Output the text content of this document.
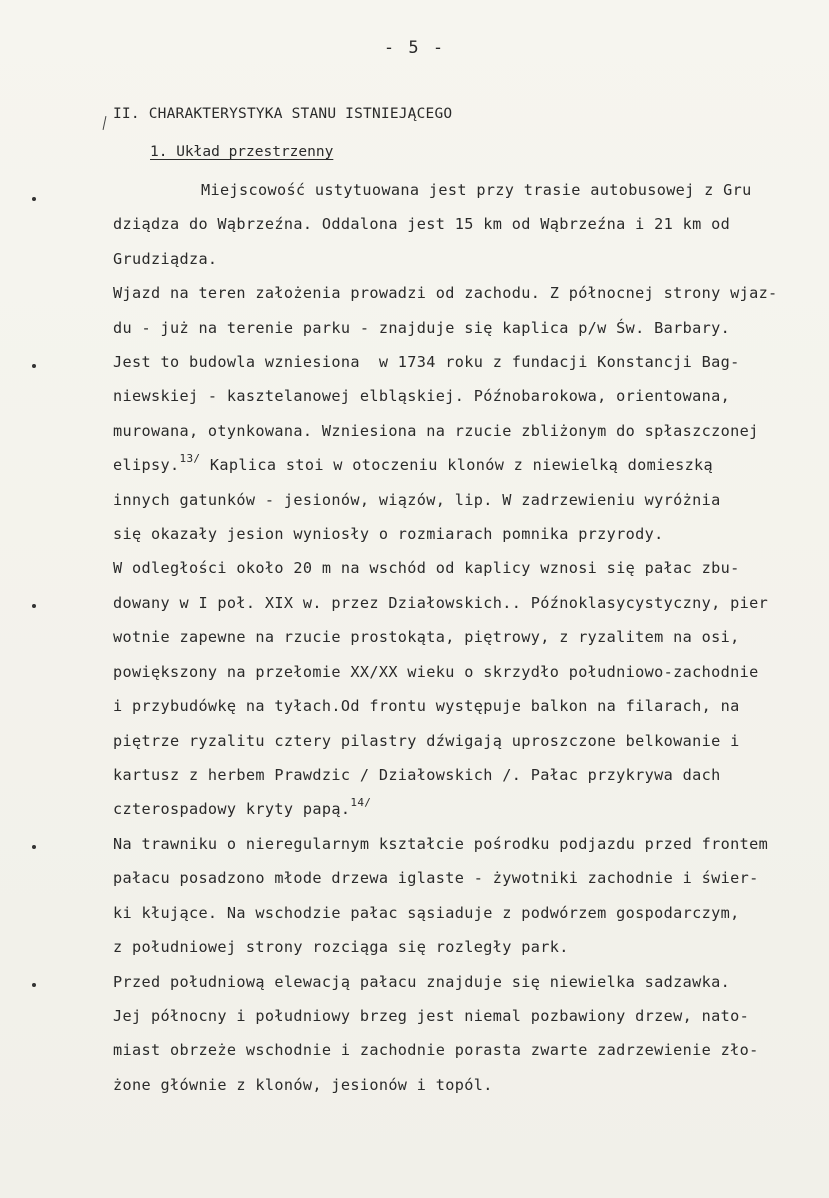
- 5 -
II. CHARAKTERYSTYKA STANU ISTNIEJĄCEGO
1. Układ przestrzenny
Miejscowość ustytuowana jest przy trasie autobusowej z Gru
dziądza do Wąbrzeźna. Oddalona jest 15 km od Wąbrzeźna i 21 km od
Grudziądza.
Wjazd na teren założenia prowadzi od zachodu. Z północnej strony wjaz-
du - już na terenie parku - znajduje się kaplica p/w Św. Barbary.
Jest to budowla wzniesiona  w 1734 roku z fundacji Konstancji Bag-
niewskiej - kasztelanowej elbląskiej. Późnobarokowa, orientowana,
murowana, otynkowana. Wzniesiona na rzucie zbliżonym do spłaszczonej
elipsy.$^{13/}$ Kaplica stoi w otoczeniu klonów z niewielką domieszką
innych gatunków - jesionów, wiązów, lip. W zadrzewieniu wyróżnia
się okazały jesion wyniosły o rozmiarach pomnika przyrody.
W odległości około 20 m na wschód od kaplicy wznosi się pałac zbu-
dowany w I poł. XIX w. przez Działowskich.. Późnoklasycystyczny, pier
wotnie zapewne na rzucie prostokąta, piętrowy, z ryzalitem na osi,
powiększony na przełomie XX/XX wieku o skrzydło południowo-zachodnie
i przybudówkę na tyłach.Od frontu występuje balkon na filarach, na
piętrze ryzalitu cztery pilastry dźwigają uproszczone belkowanie i
kartusz z herbem Prawdzic / Działowskich /. Pałac przykrywa dach
czterospadowy kryty papą.$^{14/}$
Na trawniku o nieregularnym kształcie pośrodku podjazdu przed frontem
pałacu posadzono młode drzewa iglaste - żywotniki zachodnie i świer-
ki kłujące. Na wschodzie pałac sąsiaduje z podwórzem gospodarczym,
z południowej strony rozciąga się rozległy park.
Przed południową elewacją pałacu znajduje się niewielka sadzawka.
Jej północny i południowy brzeg jest niemal pozbawiony drzew, nato-
miast obrzeże wschodnie i zachodnie porasta zwarte zadrzewienie zło-
żone głównie z klonów, jesionów i topól.
